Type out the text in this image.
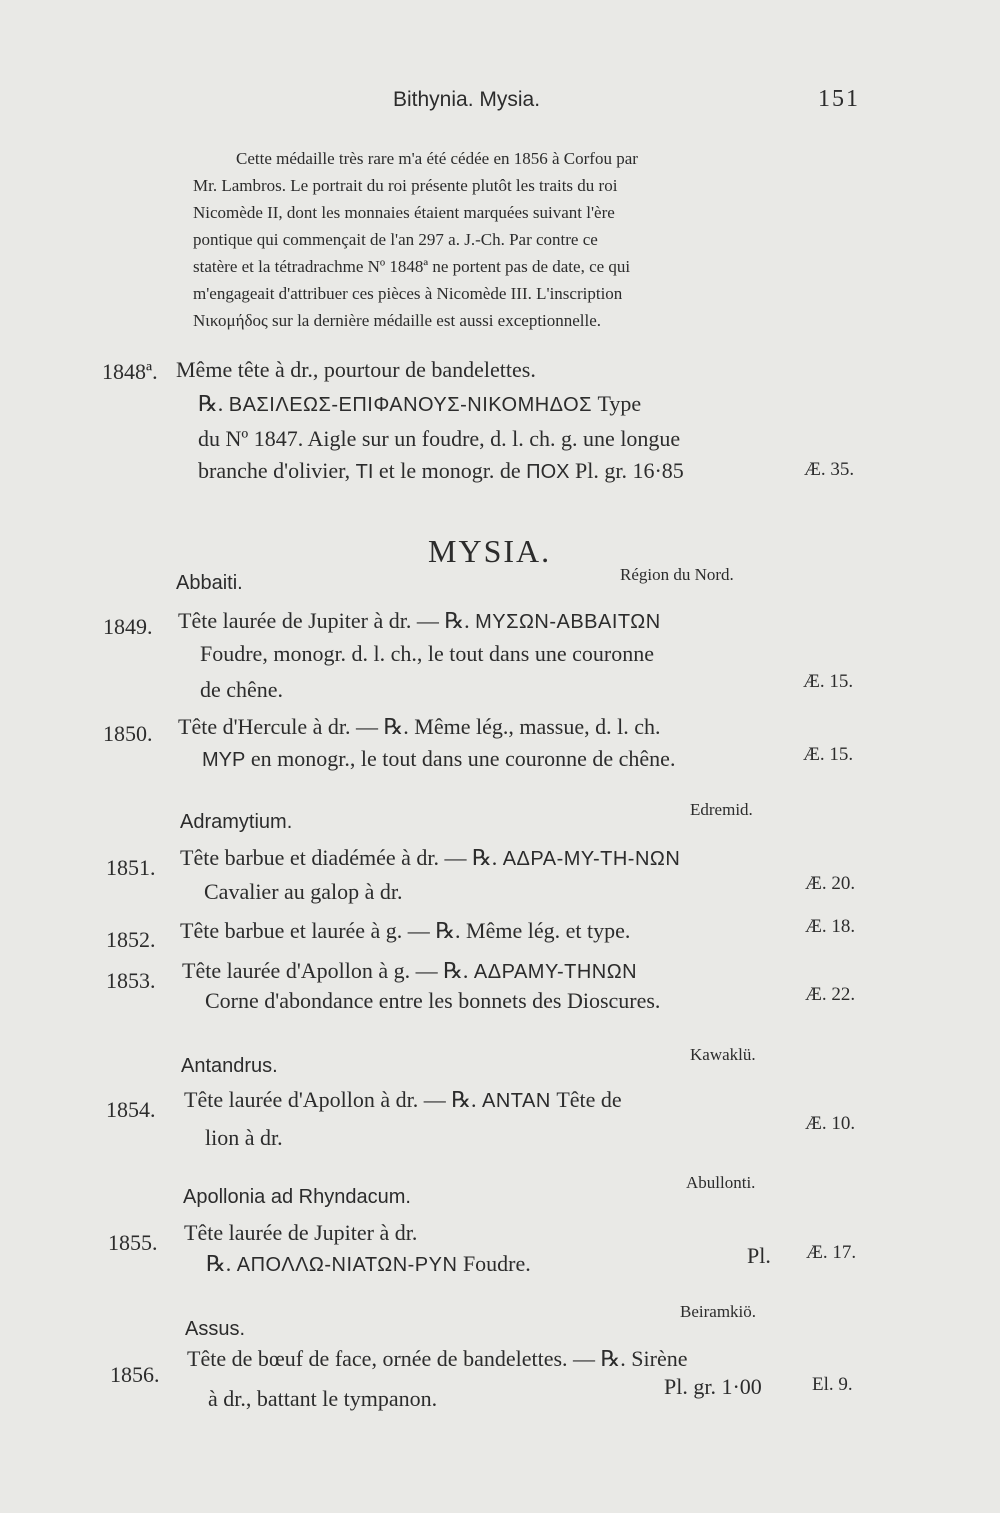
Bithynia. Mysia.	151
Cette médaille très rare m'a été cédée en 1856 à Corfou par
Mr. Lambros. Le portrait du roi présente plutôt les traits du roi
Nicomède II, dont les monnaies étaient marquées suivant l'ère
pontique qui commençait de l'an 297 a. J.-Ch. Par contre ce
statère et la tétradrachme Nº 1848ª ne portent pas de date, ce qui
m'engageait d'attribuer ces pièces à Nicomède III. L'inscription
Νικομήδος sur la dernière médaille est aussi exceptionnelle.
1848ª. Même tête à dr., pourtour de bandelettes.
℞. ΒΑΣΙΛΕΩΣ-ΕΠΙΦΑΝΟΥΣ-ΝΙΚΟΜΗΔΟΣ Type
du Nº 1847. Aigle sur un foudre, d. l. ch. g. une longue
branche d'olivier, TI et le monogr. de ΠΟΧ Pl. gr. 16·85	Æ. 35.
MYSIA.
Abbaiti.	Région du Nord.
1849. Tête laurée de Jupiter à dr. — ℞. ΜΥΣΩΝ-ΑΒΒΑΙΤΩΝ
Foudre, monogr. d. l. ch., le tout dans une couronne
de chêne.	Æ. 15.
1850. Tête d'Hercule à dr. — ℞. Même lég., massue, d. l. ch.
MYP en monogr., le tout dans une couronne de chêne.	Æ. 15.
Adramytium.
Edremid.
1851. Tête barbue et diadémée à dr. — ℞. ΑΔΡΑ-ΜΥ-ΤΗ-ΝΩΝ
Cavalier au galop à dr.	Æ. 20.
1852. Tête barbue et laurée à g. — ℞. Même lég. et type.	Æ. 18.
1853. Tête laurée d'Apollon à g. — ℞. ΑΔΡΑΜΥ-ΤΗΝΩΝ
Corne d'abondance entre les bonnets des Dioscures.	Æ. 22.
Antandrus.
Kawaklü.
1854. Tête laurée d'Apollon à dr. — ℞. ΑΝΤΑΝ Tête de
lion à dr.
Æ. 10.
Apollonia ad Rhyndacum.
Abullonti.
1855. Tête laurée de Jupiter à dr.
℞. ΑΠΟΛΛΩ-ΝΙΑΤΩΝ-ΡΥΝ Foudre.	Pl. Æ. 17.
Assus.
Beiramkiö.
1856.
Tête de bœuf de face, ornée de bandelettes. — ℞. Sirène
à dr., battant le tympanon.	Pl. gr. 1·00	El. 9.
